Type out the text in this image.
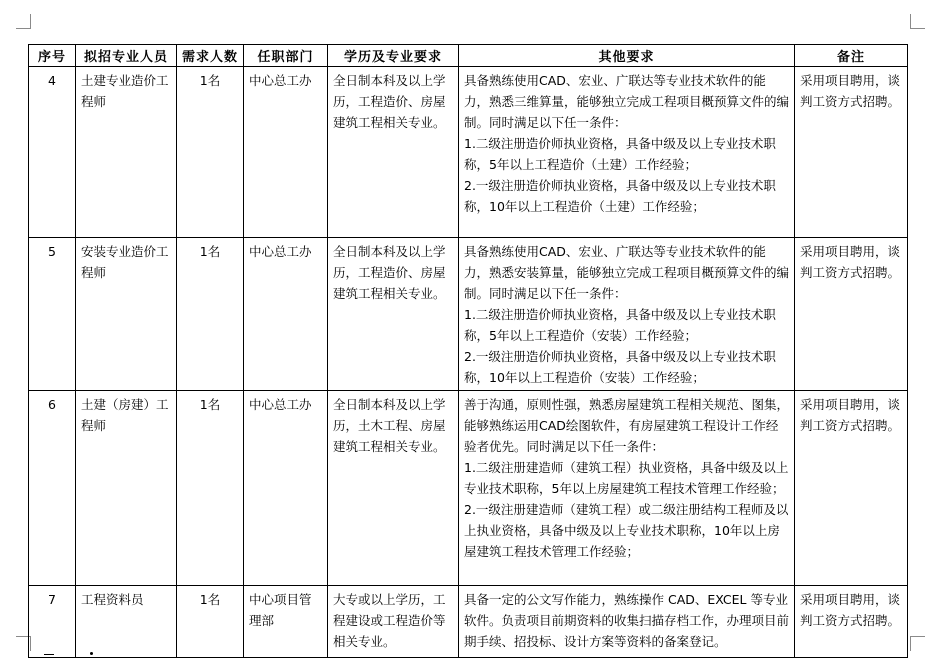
序号	拟招专业人员	需求人数	任职部门	学历及专业要求	其他要求	备注
4	土建专业造价工程师	1名	中心总工办	全日制本科及以上学历，工程造价、房屋建筑工程相关专业。	具备熟练使用CAD、宏业、广联达等专业技术软件的能力，熟悉三维算量，能够独立完成工程项目概预算文件的编制。同时满足以下任一条件：
1.二级注册造价师执业资格，具备中级及以上专业技术职称，5年以上工程造价（土建）工作经验；
2.一级注册造价师执业资格，具备中级及以上专业技术职称，10年以上工程造价（土建）工作经验；	采用项目聘用，谈判工资方式招聘。
5	安装专业造价工程师	1名	中心总工办	全日制本科及以上学历，工程造价、房屋建筑工程相关专业。	具备熟练使用CAD、宏业、广联达等专业技术软件的能力，熟悉安装算量，能够独立完成工程项目概预算文件的编制。同时满足以下任一条件：
1.二级注册造价师执业资格，具备中级及以上专业技术职称，5年以上工程造价（安装）工作经验；
2.一级注册造价师执业资格，具备中级及以上专业技术职称，10年以上工程造价（安装）工作经验；	采用项目聘用，谈判工资方式招聘。
6	土建（房建）工程师	1名	中心总工办	全日制本科及以上学历，土木工程、房屋建筑工程相关专业。	善于沟通，原则性强，熟悉房屋建筑工程相关规范、图集，能够熟练运用CAD绘图软件，有房屋建筑工程设计工作经验者优先。同时满足以下任一条件：
1.二级注册建造师（建筑工程）执业资格，具备中级及以上专业技术职称，5年以上房屋建筑工程技术管理工作经验；
2.一级注册建造师（建筑工程）或二级注册结构工程师及以上执业资格，具备中级及以上专业技术职称，10年以上房屋建筑工程技术管理工作经验；	采用项目聘用，谈判工资方式招聘。
7	工程资料员	1名	中心项目管理部	大专或以上学历，工程建设或工程造价等相关专业。	具备一定的公文写作能力，熟练操作 CAD、EXCEL 等专业软件。负责项目前期资料的收集扫描存档工作，办理项目前期手续、招投标、设计方案等资料的备案登记。	采用项目聘用，谈判工资方式招聘。
